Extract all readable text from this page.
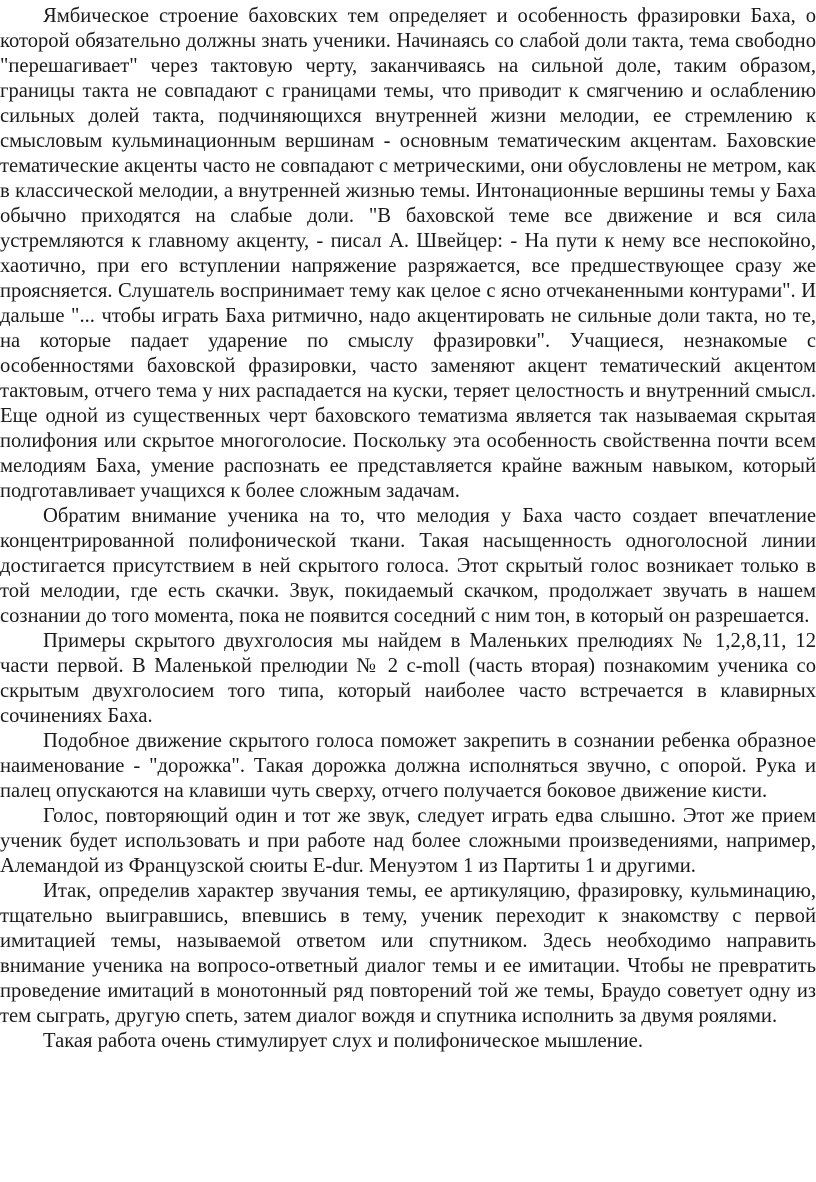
Ямбическое строение баховских тем определяет и особенность фразировки Баха, о которой обязательно должны знать ученики. Начинаясь со слабой доли такта, тема свободно "перешагивает" через тактовую черту, заканчиваясь на сильной доле, таким образом, границы такта не совпадают с границами темы, что приводит к смягчению и ослаблению сильных долей такта, подчиняющихся внутренней жизни мелодии, ее стремлению к смысловым кульминационным вершинам - основным тематическим акцентам. Баховские тематические акценты часто не совпадают с метрическими, они обусловлены не метром, как в классической мелодии, а внутренней жизнью темы. Интонационные вершины темы у Баха обычно приходятся на слабые доли. "В баховской теме все движение и вся сила устремляются к главному акценту, - писал А. Швейцер: - На пути к нему все неспокойно, хаотично, при его вступлении напряжение разряжается, все предшествующее сразу же проясняется. Слушатель воспринимает тему как целое с ясно отчеканенными контурами". И дальше "... чтобы играть Баха ритмично, надо акцентировать не сильные доли такта, но те, на которые падает ударение по смыслу фразировки". Учащиеся, незнакомые с особенностями баховской фразировки, часто заменяют акцент тематический акцентом тактовым, отчего тема у них распадается на куски, теряет целостность и внутренний смысл. Еще одной из существенных черт баховского тематизма является так называемая скрытая полифония или скрытое многоголосие. Поскольку эта особенность свойственна почти всем мелодиям Баха, умение распознать ее представляется крайне важным навыком, который подготавливает учащихся к более сложным задачам.

Обратим внимание ученика на то, что мелодия у Баха часто создает впечатление концентрированной полифонической ткани. Такая насыщенность одноголосной линии достигается присутствием в ней скрытого голоса. Этот скрытый голос возникает только в той мелодии, где есть скачки. Звук, покидаемый скачком, продолжает звучать в нашем сознании до того момента, пока не появится соседний с ним тон, в который он разрешается.

Примеры скрытого двухголосия мы найдем в Маленьких прелюдиях № 1,2,8,11, 12 части первой. В Маленькой прелюдии № 2 c-moll (часть вторая) познакомим ученика со скрытым двухголосием того типа, который наиболее часто встречается в клавирных сочинениях Баха.

Подобное движение скрытого голоса поможет закрепить в сознании ребенка образное наименование - "дорожка". Такая дорожка должна исполняться звучно, с опорой. Рука и палец опускаются на клавиши чуть сверху, отчего получается боковое движение кисти.

Голос, повторяющий один и тот же звук, следует играть едва слышно. Этот же прием ученик будет использовать и при работе над более сложными произведениями, например, Алемандой из Французской сюиты E-dur. Менуэтом 1 из Партиты 1 и другими.

Итак, определив характер звучания темы, ее артикуляцию, фразировку, кульминацию, тщательно выигравшись, впевшись в тему, ученик переходит к знакомству с первой имитацией темы, называемой ответом или спутником. Здесь необходимо направить внимание ученика на вопросо-ответный диалог темы и ее имитации. Чтобы не превратить проведение имитаций в монотонный ряд повторений той же темы, Браудо советует одну из тем сыграть, другую спеть, затем диалог вождя и спутника исполнить за двумя роялями.

Такая работа очень стимулирует слух и полифоническое мышление.
